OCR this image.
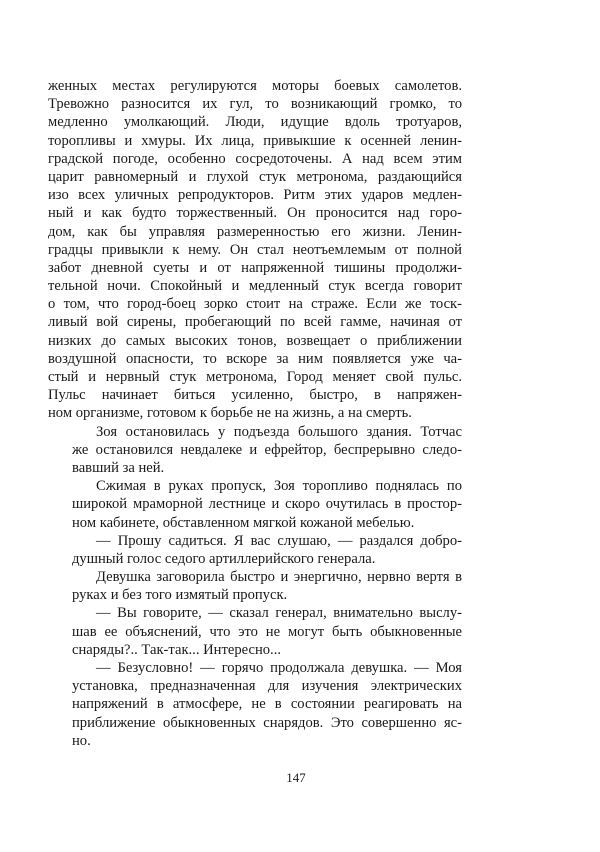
женных местах регулируются моторы боевых самолетов.
Тревожно разносится их гул, то возникающий громко, то
медленно умолкающий. Люди, идущие вдоль тротуаров,
торопливы и хмуры. Их лица, привыкшие к осенней ленин-
градской погоде, особенно сосредоточены. А над всем этим
царит равномерный и глухой стук метронома, раздающийся
изо всех уличных репродукторов. Ритм этих ударов медлен-
ный и как будто торжественный. Он проносится над горо-
дом, как бы управляя размеренностью его жизни. Ленин-
градцы привыкли к нему. Он стал неотъемлемым от полной
забот дневной суеты и от напряженной тишины продолжи-
тельной ночи. Спокойный и медленный стук всегда говорит
о том, что город-боец зорко стоит на страже. Если же тоск-
ливый вой сирены, пробегающий по всей гамме, начиная от
низких до самых высоких тонов, возвещает о приближении
воздушной опасности, то вскоре за ним появляется уже ча-
стый и нервный стук метронома, Город меняет свой пульс.
Пульс начинает биться усиленно, быстро, в напряжен-
ном организме, готовом к борьбе не на жизнь, а на смерть.
Зоя остановилась у подъезда большого здания. Тотчас
же остановился невдалеке и ефрейтор, беспрерывно следо-
вавший за ней.
Сжимая в руках пропуск, Зоя торопливо поднялась по
широкой мраморной лестнице и скоро очутилась в простор-
ном кабинете, обставленном мягкой кожаной мебелью.
— Прошу садиться. Я вас слушаю, — раздался добро-
душный голос седого артиллерийского генерала.
Девушка заговорила быстро и энергично, нервно вертя в
руках и без того измятый пропуск.
— Вы говорите, — сказал генерал, внимательно выслу-
шав ее объяснений, что это не могут быть обыкновенные
снаряды?.. Так-так... Интересно...
— Безусловно! — горячо продолжала девушка. — Моя
установка, предназначенная для изучения электрических
напряжений в атмосфере, не в состоянии реагировать на
приближение обыкновенных снарядов. Это совершенно яс-
но.
147
